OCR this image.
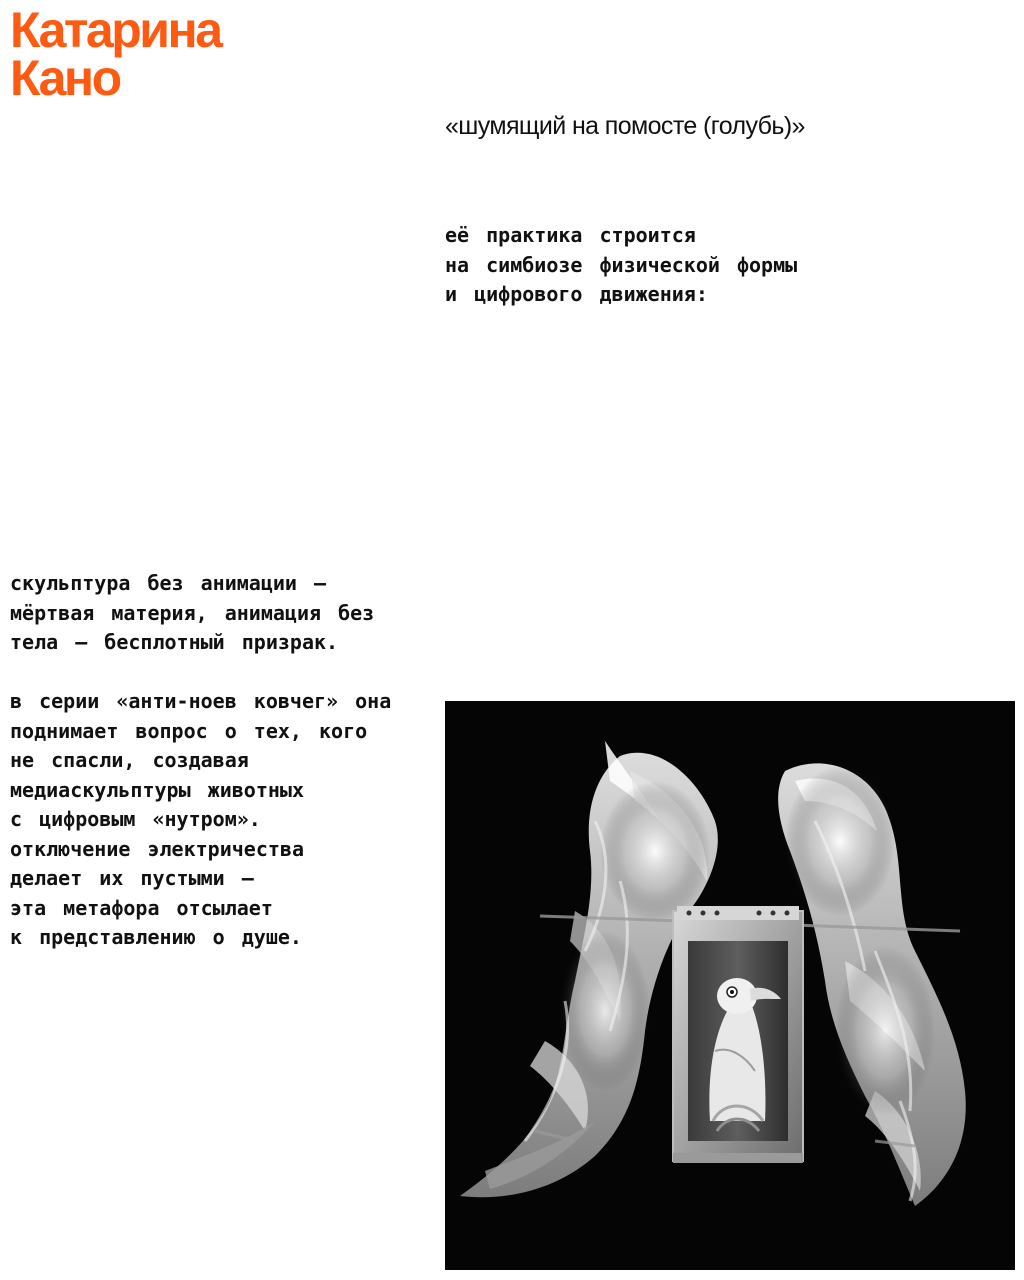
Катарина
Кано
«шумящий на помосте (голубь)»
её практика строится
на симбиозе физической формы
и цифрового движения:
скульптура без анимации —
мёртвая материя, анимация без
тела — бесплотный призрак.
в серии «анти-ноев ковчег» она
поднимает вопрос о тех, кого
не спасли, создавая
медиаскульптуры животных
с цифровым «нутром».
отключение электричества
делает их пустыми —
эта метафора отсылает
к представлению о душе.
